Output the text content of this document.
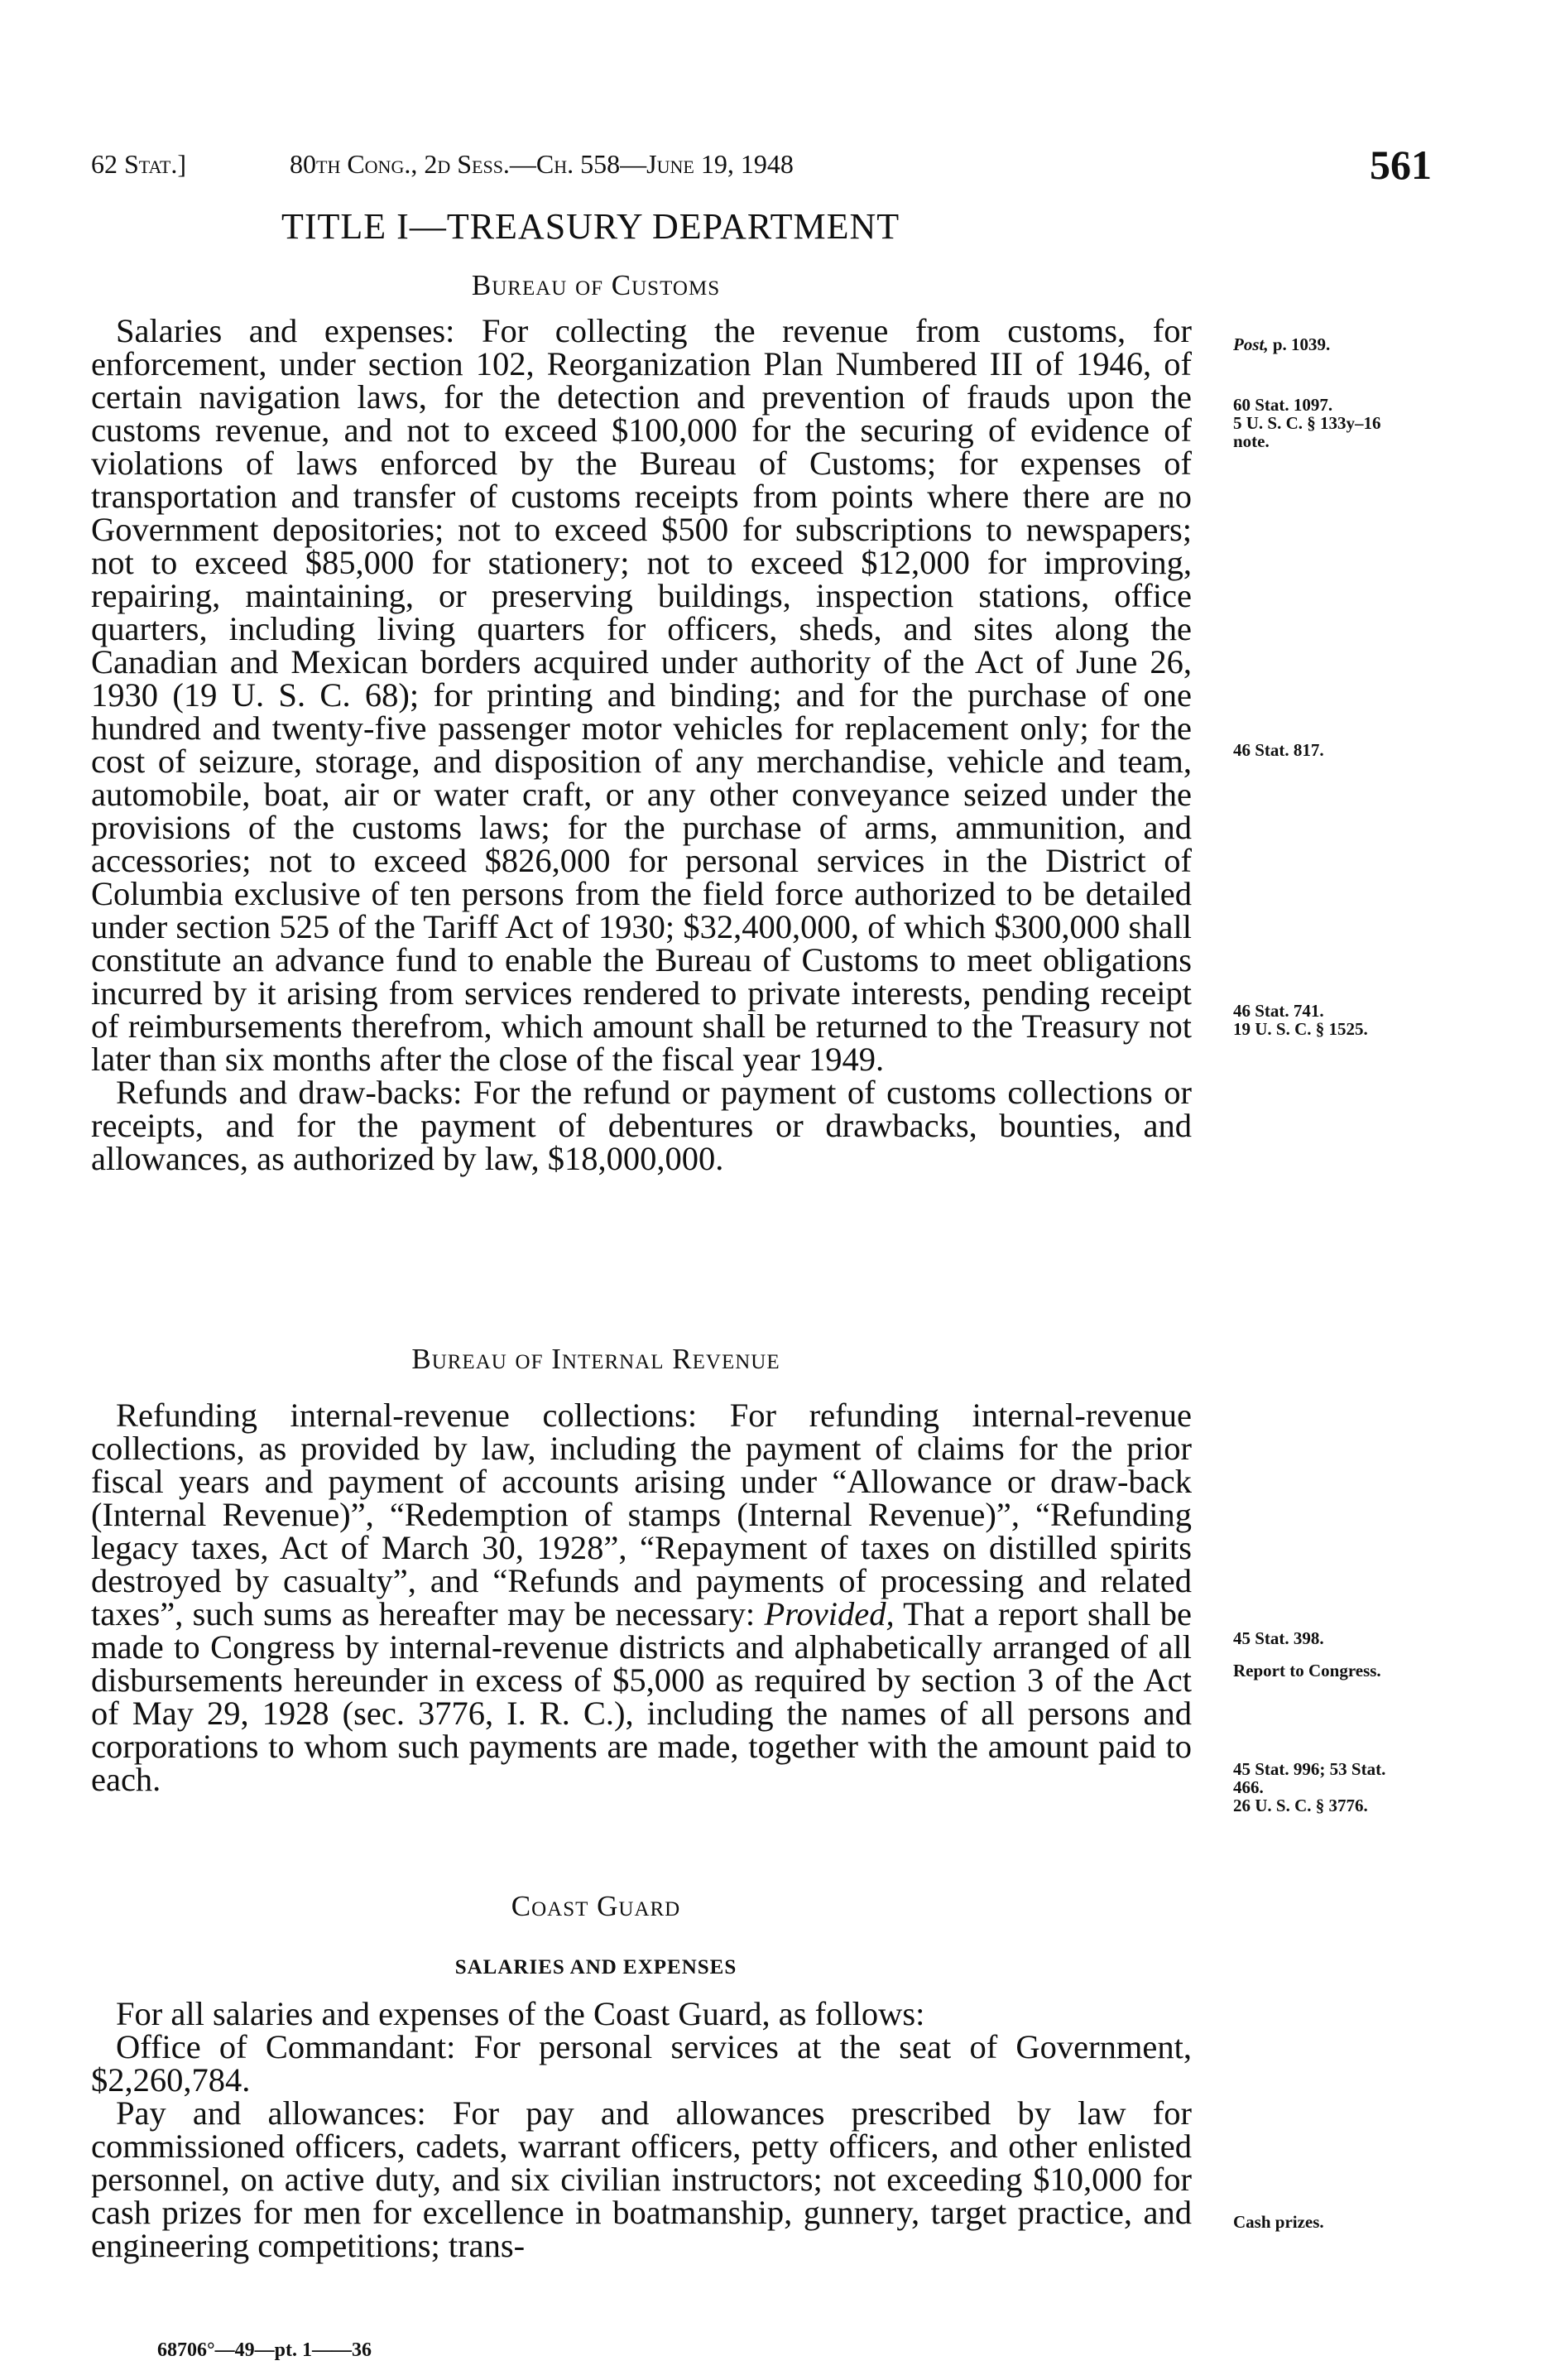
62 Stat.]	80th Cong., 2d Sess.—Ch. 558—June 19, 1948	561
TITLE I—TREASURY DEPARTMENT
Bureau of Customs

Salaries and expenses: For collecting the revenue from customs, for enforcement, under section 102, Reorganization Plan Numbered III of 1946, of certain navigation laws, for the detection and prevention of frauds upon the customs revenue, and not to exceed $100,000 for the securing of evidence of violations of laws enforced by the Bureau of Customs; for expenses of transportation and transfer of customs receipts from points where there are no Government depositories; not to exceed $500 for subscriptions to newspapers; not to exceed $85,000 for stationery; not to exceed $12,000 for improving, repairing, maintaining, or preserving buildings, inspection stations, office quarters, including living quarters for officers, sheds, and sites along the Canadian and Mexican borders acquired under authority of the Act of June 26, 1930 (19 U. S. C. 68); for printing and binding; and for the purchase of one hundred and twenty-five passenger motor vehicles for replacement only; for the cost of seizure, storage, and disposition of any merchandise, vehicle and team, automobile, boat, air or water craft, or any other conveyance seized under the provisions of the customs laws; for the purchase of arms, ammunition, and accessories; not to exceed $826,000 for personal services in the District of Columbia exclusive of ten persons from the field force authorized to be detailed under section 525 of the Tariff Act of 1930; $32,400,000, of which $300,000 shall constitute an advance fund to enable the Bureau of Customs to meet obligations incurred by it arising from services rendered to private interests, pending receipt of reimbursements therefrom, which amount shall be returned to the Treasury not later than six months after the close of the fiscal year 1949.

Refunds and draw-backs: For the refund or payment of customs collections or receipts, and for the payment of debentures or drawbacks, bounties, and allowances, as authorized by law, $18,000,000.

Bureau of Internal Revenue

Refunding internal-revenue collections: For refunding internal-revenue collections, as provided by law, including the payment of claims for the prior fiscal years and payment of accounts arising under “Allowance or draw-back (Internal Revenue)”, “Redemption of stamps (Internal Revenue)”, “Refunding legacy taxes, Act of March 30, 1928”, “Repayment of taxes on distilled spirits destroyed by casualty”, and “Refunds and payments of processing and related taxes”, such sums as hereafter may be necessary: Provided, That a report shall be made to Congress by internal-revenue districts and alphabetically arranged of all disbursements hereunder in excess of $5,000 as required by section 3 of the Act of May 29, 1928 (sec. 3776, I. R. C.), including the names of all persons and corporations to whom such payments are made, together with the amount paid to each.

Coast Guard
SALARIES AND EXPENSES

For all salaries and expenses of the Coast Guard, as follows:

Office of Commandant: For personal services at the seat of Government, $2,260,784.

Pay and allowances: For pay and allowances prescribed by law for commissioned officers, cadets, warrant officers, petty officers, and other enlisted personnel, on active duty, and six civilian instructors; not exceeding $10,000 for cash prizes for men for excellence in boatmanship, gunnery, target practice, and engineering competitions; trans-

Post, p. 1039.
60 Stat. 1097.
5 U. S. C. § 133y–16
note.
46 Stat. 817.
46 Stat. 741.
19 U. S. C. § 1525.
45 Stat. 398.
Report to Congress.
45 Stat. 996; 53 Stat.
466.
26 U. S. C. § 3776.
Cash prizes.
68706°—49—pt. 1——36
